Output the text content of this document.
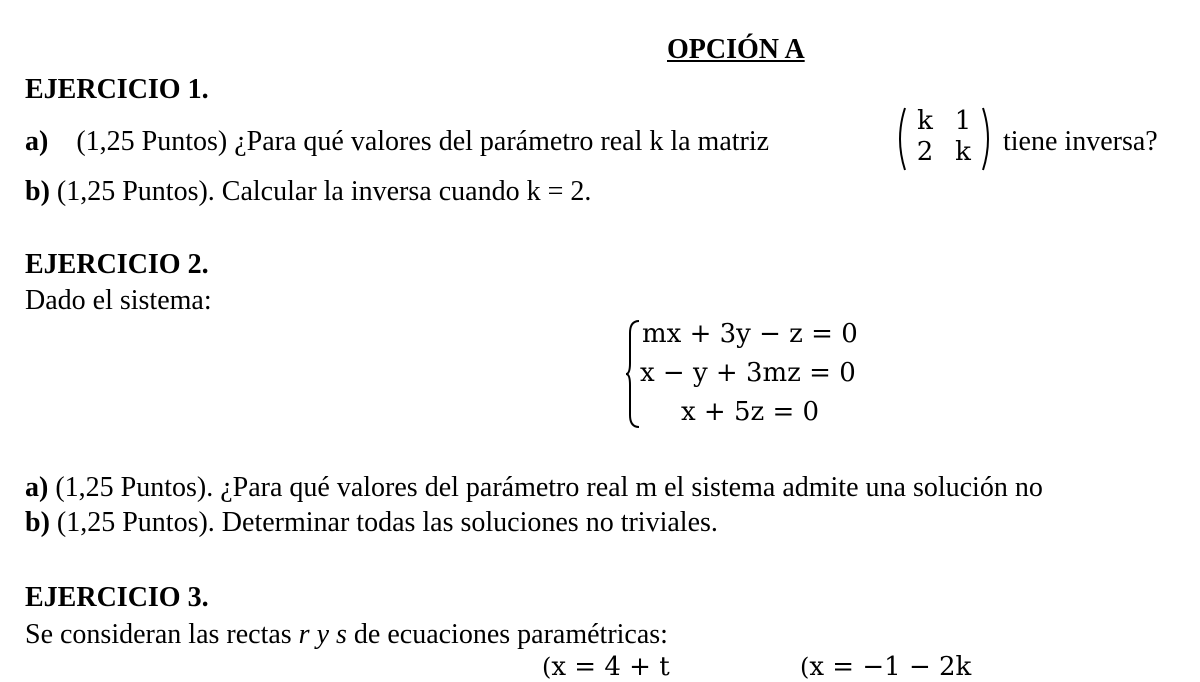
OPCIÓN A
EJERCICIO 1.
a) (1,25 Puntos) ¿Para qué valores del parámetro real k la matriz
k 1
2 k	tiene inversa?
b) (1,25 Puntos). Calcular la inversa cuando k = 2.
EJERCICIO 2.
Dado el sistema:
mx + 3y − z = 0
x − y + 3mz = 0
x + 5z = 0
a) (1,25 Puntos). ¿Para qué valores del parámetro real m el sistema admite una solución no
b) (1,25 Puntos). Determinar todas las soluciones no triviales.
EJERCICIO 3.
Se consideran las rectas r y s de ecuaciones paramétricas:
(x = 4 + t	(x = −1 − 2k
